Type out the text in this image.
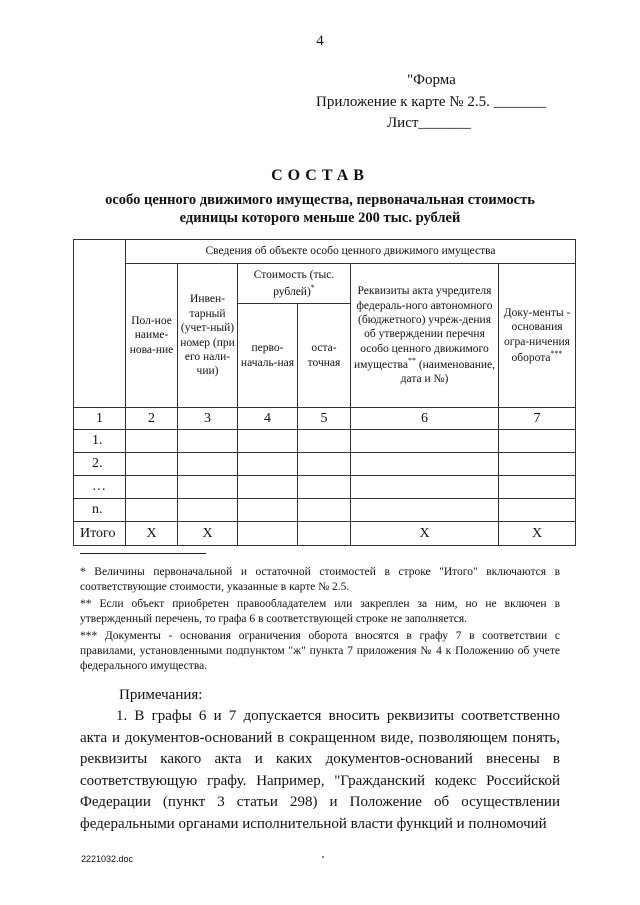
4
"Форма
Приложение к карте № 2.5. _______
Лист_______
СОСТАВ
особо ценного движимого имущества, первоначальная стоимость
единицы которого меньше 200 тыс. рублей
	Сведения об объекте особо ценного движимого имущества					
	Пол-ное наиме-нова-ние	Инвен-тарный (учет-ный) номер (при его нали-чии)	Стоимость (тыс. рублей)*		Реквизиты акта учредителя федераль-ного автономного (бюджетного) учреж-дения об утверждении перечня особо ценного движимого имущества** (наименование, дата и №)	Доку-менты - основания огра-ничения оборота***
			перво-началь-ная	оста-точная		
1	2	3	4	5	6	7
1.						
2.						
…						
n.						
Итого	X	X			X	X
* Величины первоначальной и остаточной стоимостей в строке "Итого" включаются в соответствующие стоимости, указанные в карте № 2.5.
** Если объект приобретен правообладателем или закреплен за ним, но не включен в утвержденный перечень, то графа 6 в соответствующей строке не заполняется.
*** Документы - основания ограничения оборота вносятся в графу 7 в соответствии с правилами, установленными подпунктом "ж" пункта 7 приложения № 4 к Положению об учете федерального имущества.
Примечания:
1. В графы 6 и 7 допускается вносить реквизиты соответственно акта и документов-оснований в сокращенном виде, позволяющем понять, реквизиты какого акта и каких документов-оснований внесены в соответствующую графу. Например, "Гражданский кодекс Российской Федерации (пункт 3 статьи 298) и Положение об осуществлении федеральными органами исполнительной власти функций и полномочий
2221032.doc
